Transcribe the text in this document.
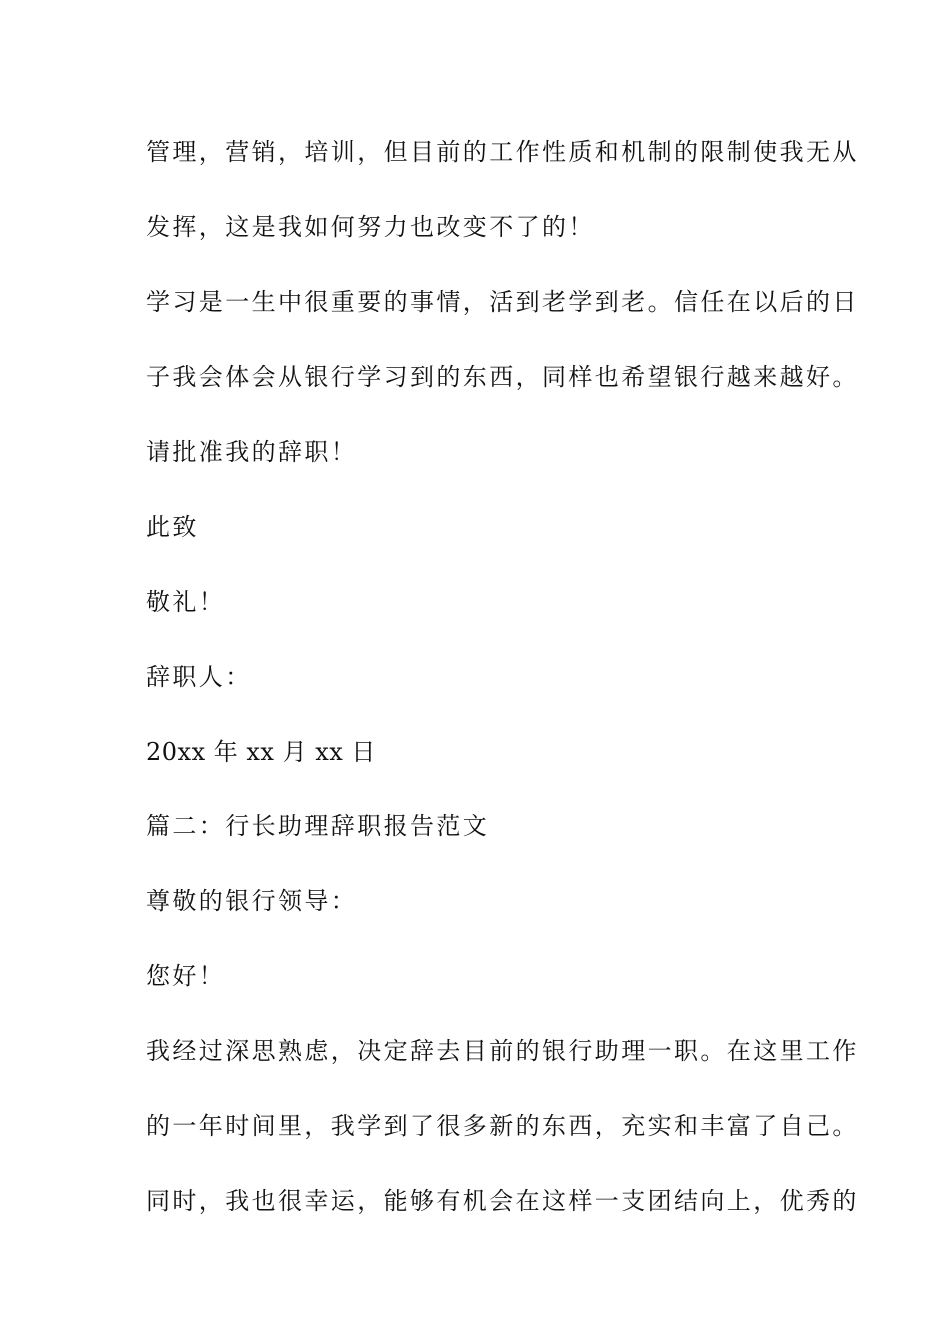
管理，营销，培训，但目前的工作性质和机制的限制使我无从
发挥，这是我如何努力也改变不了的！
学习是一生中很重要的事情，活到老学到老。信任在以后的日
子我会体会从银行学习到的东西，同样也希望银行越来越好。
请批准我的辞职！
此致
敬礼！
辞职人：
20xx 年 xx 月 xx 日
篇二：行长助理辞职报告范文
尊敬的银行领导：
您好！
我经过深思熟虑，决定辞去目前的银行助理一职。在这里工作
的一年时间里，我学到了很多新的东西，充实和丰富了自己。
同时，我也很幸运，能够有机会在这样一支团结向上，优秀的
